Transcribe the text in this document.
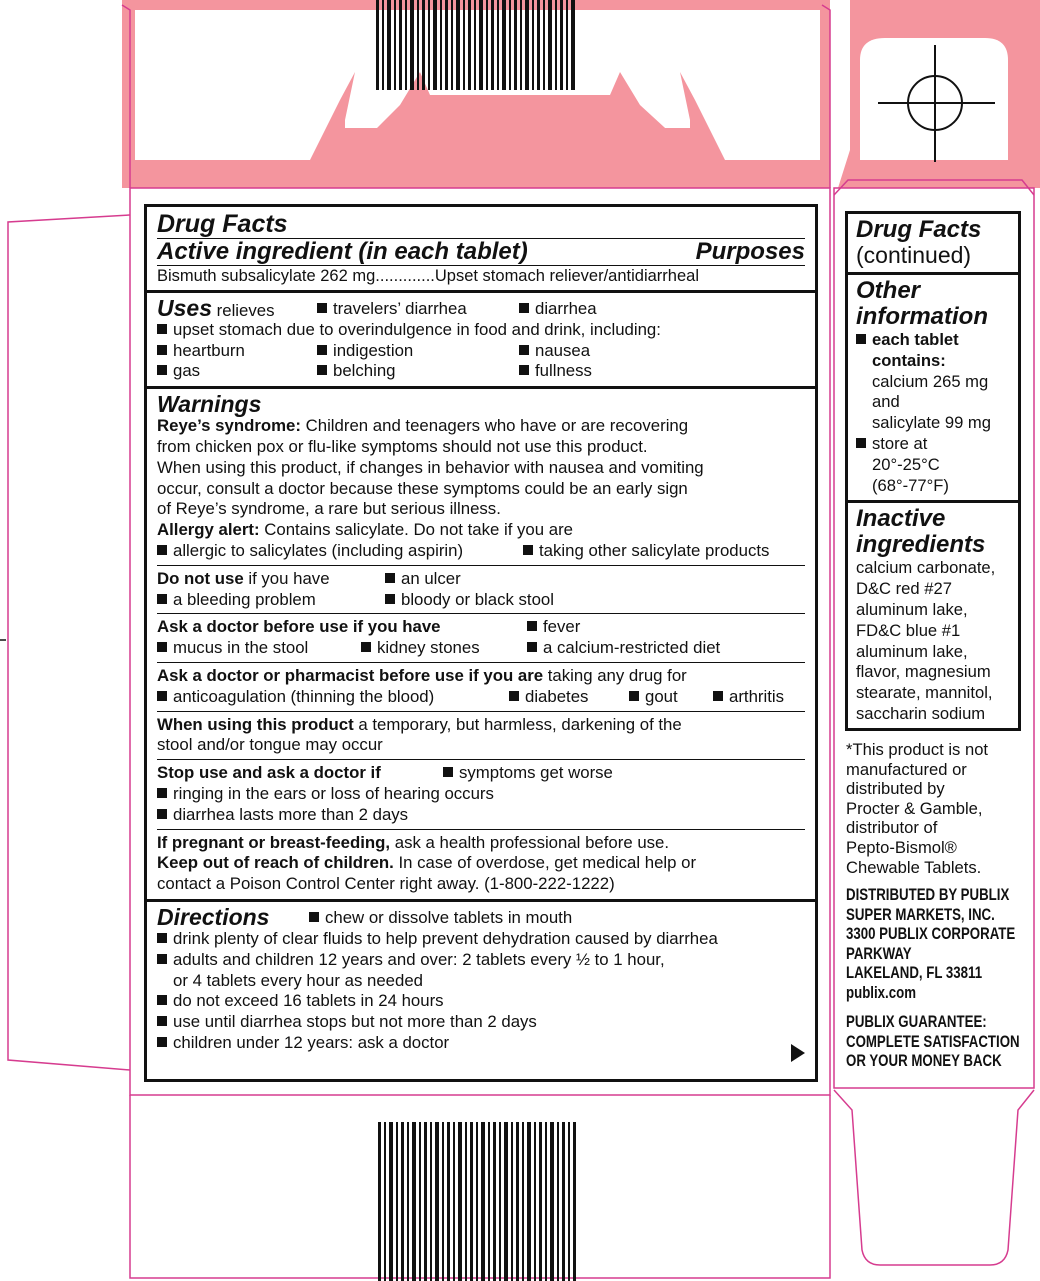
Drug Facts
Active ingredient (in each tablet)	Purposes
Bismuth subsalicylate 262 mg.............Upset stomach reliever/antidiarrheal
Uses relieves	travelers’ diarrhea	diarrhea
upset stomach due to overindulgence in food and drink, including:
heartburn	indigestion	nausea
gas	belching	fullness
Warnings
Reye’s syndrome: Children and teenagers who have or are recovering
from chicken pox or flu-like symptoms should not use this product.
When using this product, if changes in behavior with nausea and vomiting
occur, consult a doctor because these symptoms could be an early sign
of Reye’s syndrome, a rare but serious illness.
Allergy alert: Contains salicylate. Do not take if you are
allergic to salicylates (including aspirin)	taking other salicylate products
Do not use if you have	an ulcer
a bleeding problem	bloody or black stool
Ask a doctor before use if you have	fever
mucus in the stool	kidney stones	a calcium-restricted diet
Ask a doctor or pharmacist before use if you are taking any drug for
anticoagulation (thinning the blood)	diabetes	gout	arthritis
When using this product a temporary, but harmless, darkening of the
stool and/or tongue may occur
Stop use and ask a doctor if	symptoms get worse
ringing in the ears or loss of hearing occurs
diarrhea lasts more than 2 days
If pregnant or breast-feeding, ask a health professional before use.
Keep out of reach of children. In case of overdose, get medical help or
contact a Poison Control Center right away. (1-800-222-1222)
Directions	chew or dissolve tablets in mouth
drink plenty of clear fluids to help prevent dehydration caused by diarrhea
adults and children 12 years and over: 2 tablets every ½ to 1 hour,
or 4 tablets every hour as needed
do not exceed 16 tablets in 24 hours
use until diarrhea stops but not more than 2 days
children under 12 years: ask a doctor
Drug Facts
(continued)
Other
information
each tablet
contains:
calcium 265 mg
and
salicylate 99 mg
store at
20°-25°C
(68°-77°F)
Inactive
ingredients
calcium carbonate,
D&C red #27
aluminum lake,
FD&C blue #1
aluminum lake,
flavor, magnesium
stearate, mannitol,
saccharin sodium
*This product is not
manufactured or
distributed by
Procter & Gamble,
distributor of
Pepto-Bismol®
Chewable Tablets.
DISTRIBUTED BY PUBLIX
SUPER MARKETS, INC.
3300 PUBLIX CORPORATE
PARKWAY
LAKELAND, FL 33811
publix.com
PUBLIX GUARANTEE:
COMPLETE SATISFACTION
OR YOUR MONEY BACK
